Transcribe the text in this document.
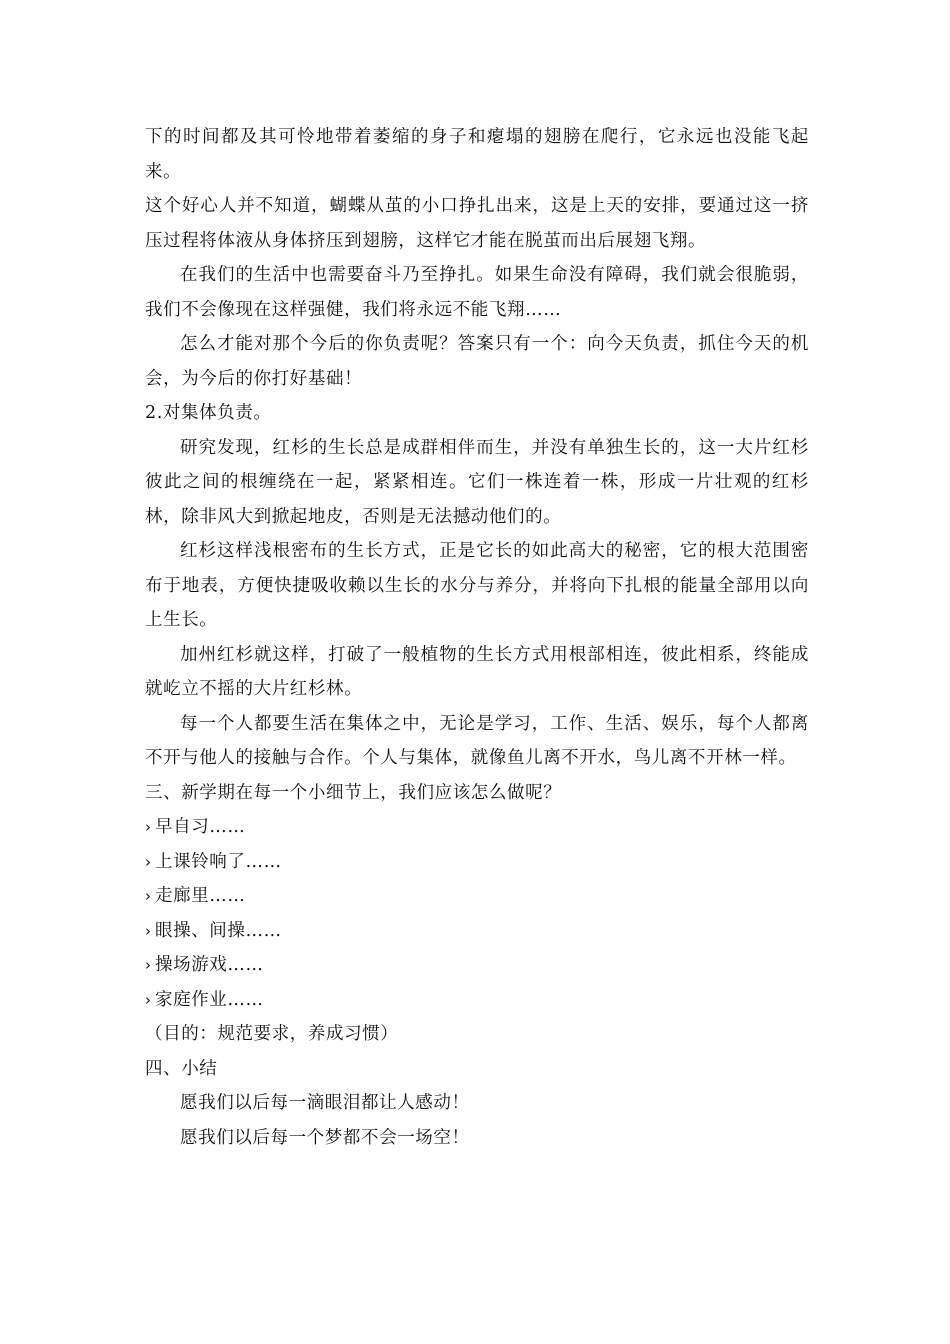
下的时间都及其可怜地带着萎缩的身子和瘪塌的翅膀在爬行，它永远也没能飞起来。

这个好心人并不知道，蝴蝶从茧的小口挣扎出来，这是上天的安排，要通过这一挤压过程将体液从身体挤压到翅膀，这样它才能在脱茧而出后展翅飞翔。

在我们的生活中也需要奋斗乃至挣扎。如果生命没有障碍，我们就会很脆弱，我们不会像现在这样强健，我们将永远不能飞翔……

怎么才能对那个今后的你负责呢？答案只有一个：向今天负责，抓住今天的机会，为今后的你打好基础！

2.对集体负责。

研究发现，红杉的生长总是成群相伴而生，并没有单独生长的，这一大片红杉彼此之间的根缠绕在一起，紧紧相连。它们一株连着一株，形成一片壮观的红杉林，除非风大到掀起地皮，否则是无法撼动他们的。

红杉这样浅根密布的生长方式，正是它长的如此高大的秘密，它的根大范围密布于地表，方便快捷吸收赖以生长的水分与养分，并将向下扎根的能量全部用以向上生长。

加州红杉就这样，打破了一般植物的生长方式用根部相连，彼此相系，终能成就屹立不摇的大片红杉林。

每一个人都要生活在集体之中，无论是学习，工作、生活、娱乐，每个人都离不开与他人的接触与合作。个人与集体，就像鱼儿离不开水，鸟儿离不开林一样。

三、新学期在每一个小细节上，我们应该怎么做呢？

› 早自习……
› 上课铃响了……
› 走廊里……
› 眼操、间操……
› 操场游戏……
› 家庭作业……

（目的：规范要求，养成习惯）

四、小结

愿我们以后每一滴眼泪都让人感动！

愿我们以后每一个梦都不会一场空！
